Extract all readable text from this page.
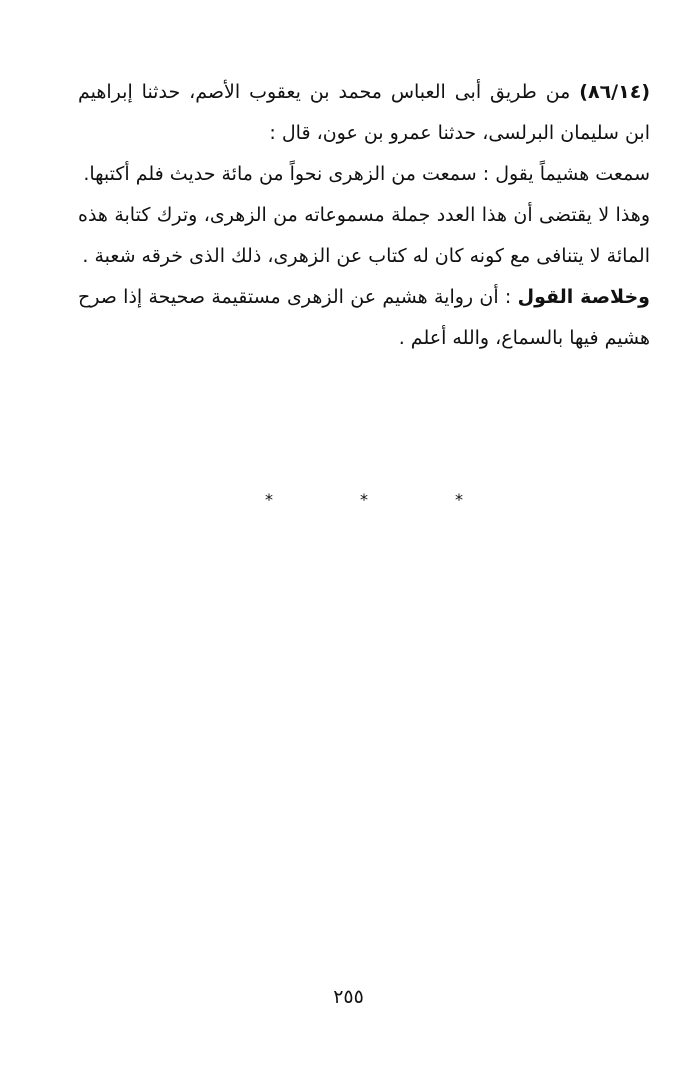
(٨٦/١٤) من طريق أبى العباس محمد بن يعقوب الأصم، حدثنا إبراهيم ابن سليمان البرلسى، حدثنا عمرو بن عون، قال :

سمعت هشيماً يقول : سمعت من الزهرى نحواً من مائة حديث فلم أكتبها.

وهذا لا يقتضى أن هذا العدد جملة مسموعاته من الزهرى، وترك كتابة هذه المائة لا يتنافى مع كونه كان له كتاب عن الزهرى، ذلك الذى خرقه شعبة .

وخلاصة القول : أن رواية هشيم عن الزهرى مستقيمة صحيحة إذا صرح هشيم فيها بالسماع، والله أعلم .

*
*
*
٢٥٥
